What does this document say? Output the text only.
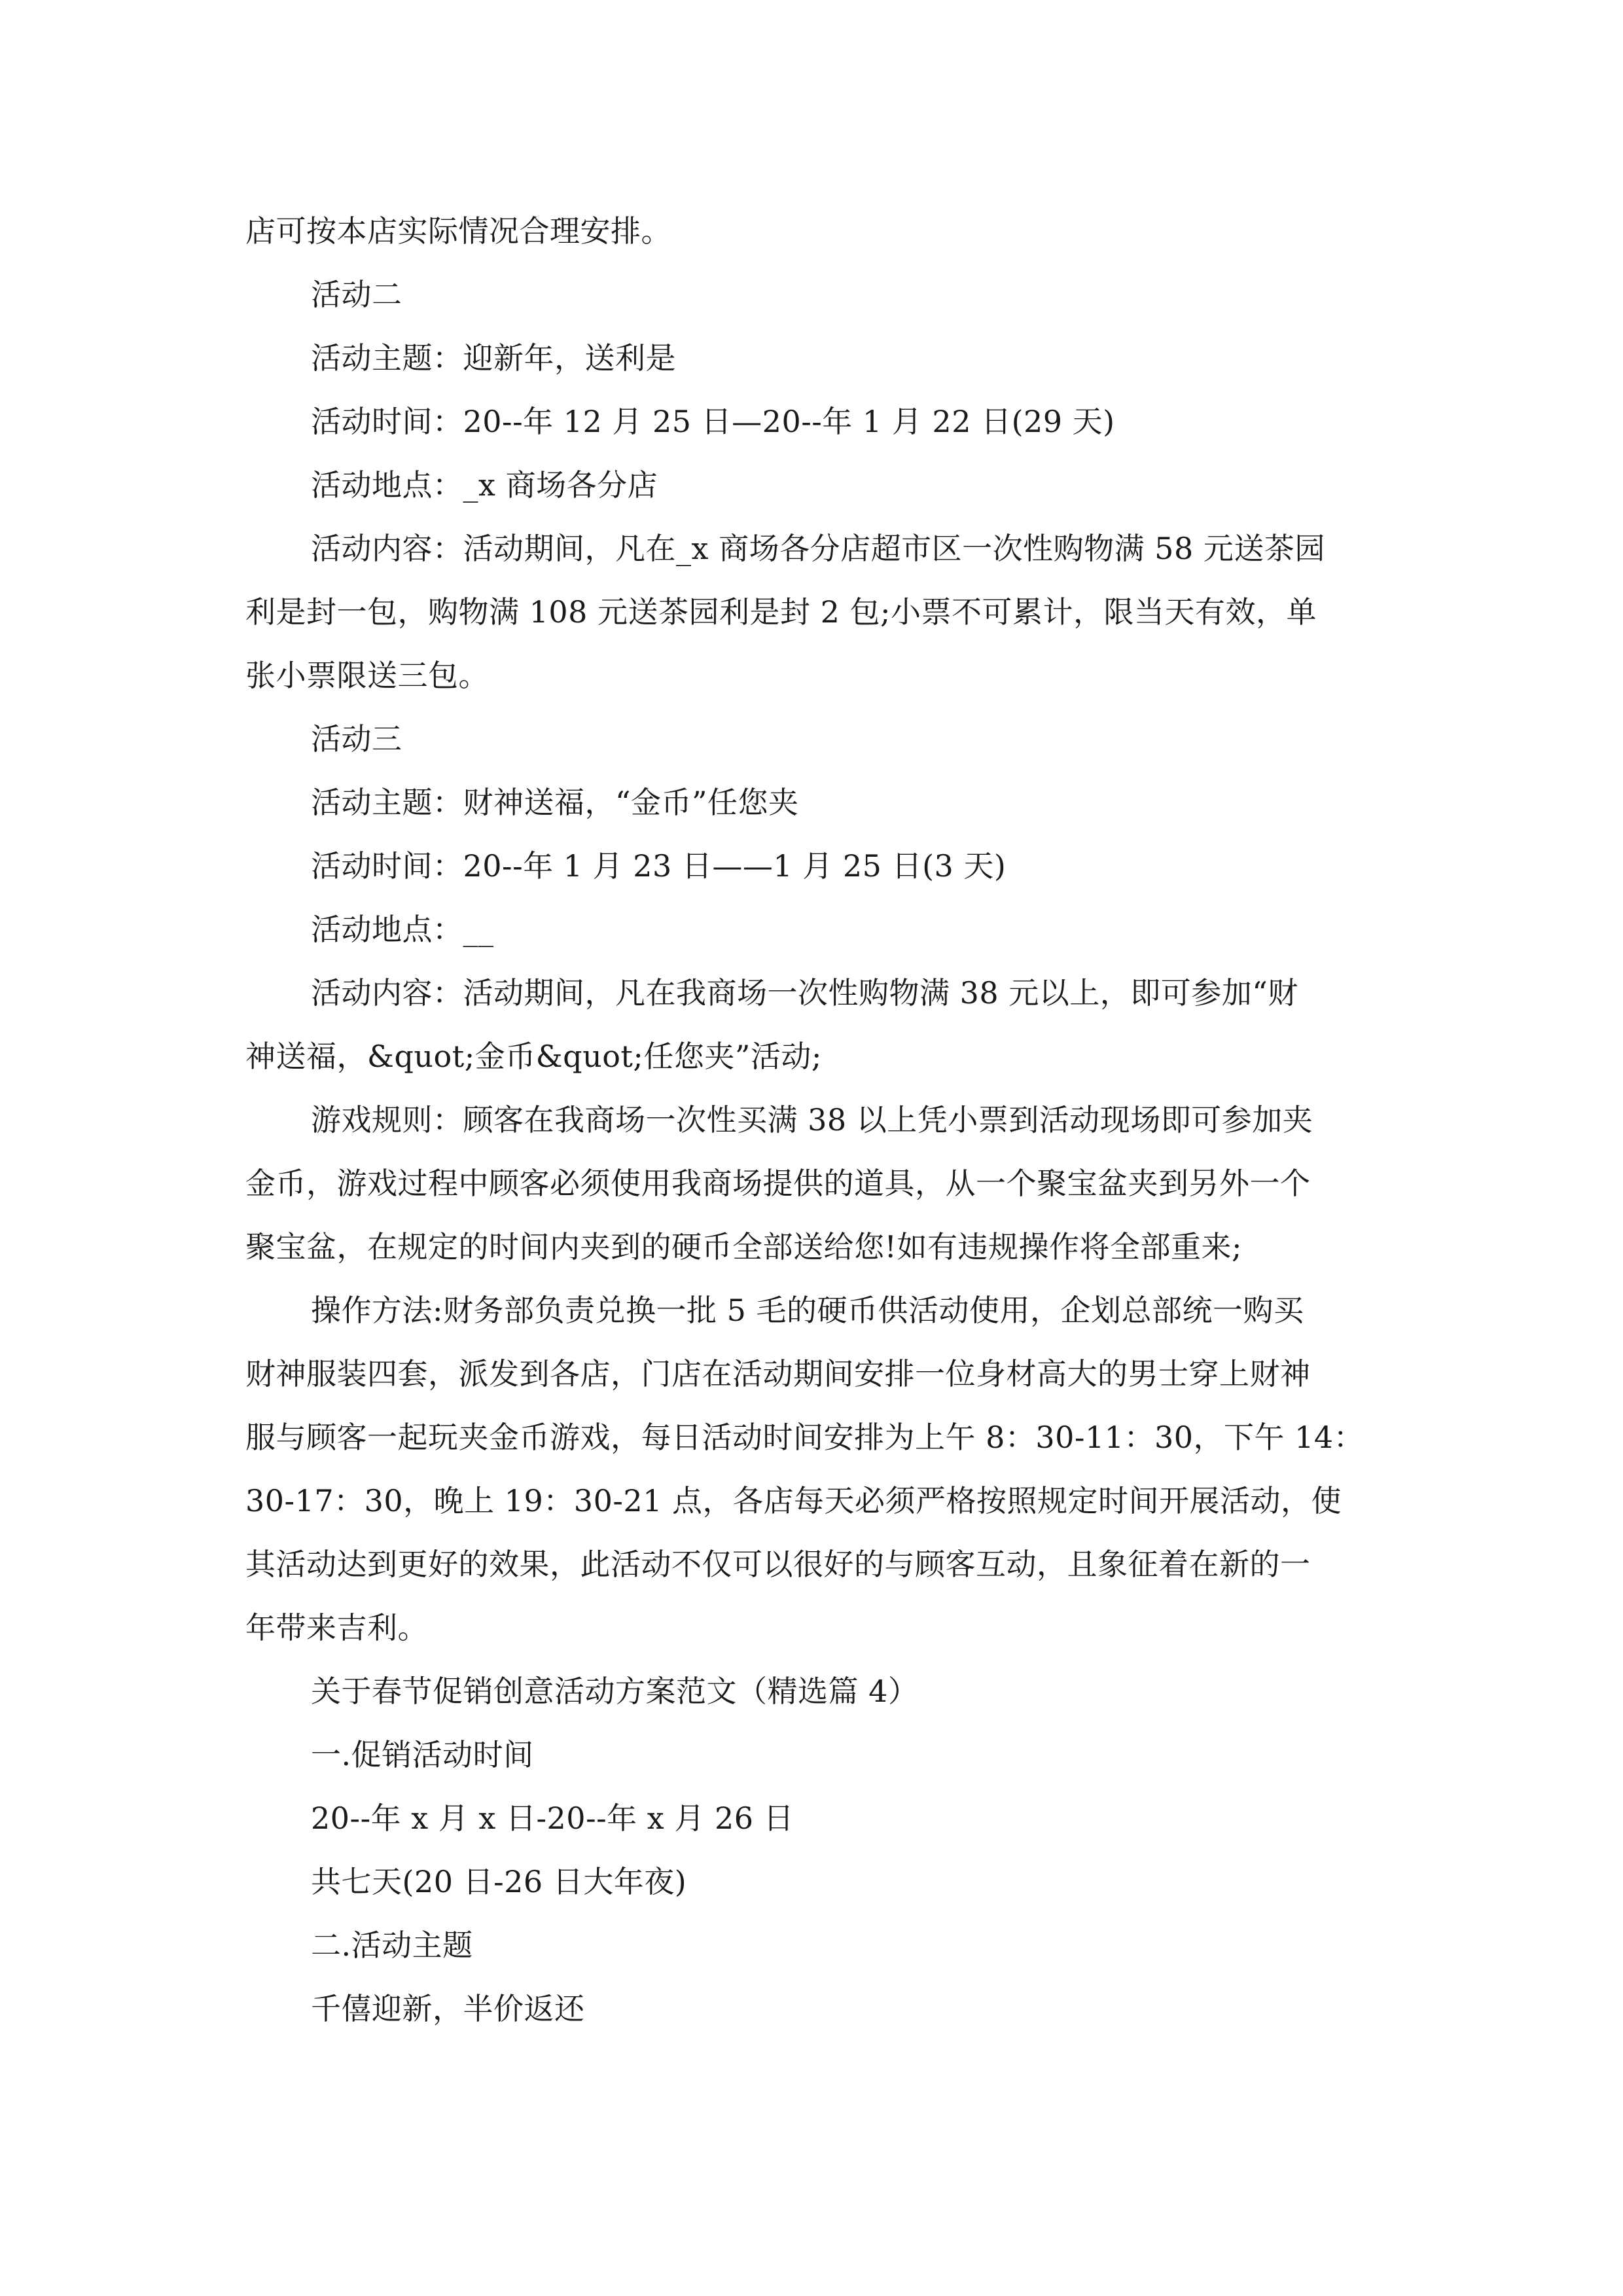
店可按本店实际情况合理安排。
活动二
活动主题：迎新年，送利是
活动时间：20--年 12 月 25 日—20--年 1 月 22 日(29 天)
活动地点：_x 商场各分店
活动内容：活动期间，凡在_x 商场各分店超市区一次性购物满 58 元送茶园
利是封一包，购物满 108 元送茶园利是封 2 包;小票不可累计，限当天有效，单
张小票限送三包。
活动三
活动主题：财神送福，“金币”任您夹
活动时间：20--年 1 月 23 日——1 月 25 日(3 天)
活动地点：__
活动内容：活动期间，凡在我商场一次性购物满 38 元以上，即可参加“财
神送福，&quot;金币&quot;任您夹”活动;
游戏规则：顾客在我商场一次性买满 38 以上凭小票到活动现场即可参加夹
金币，游戏过程中顾客必须使用我商场提供的道具，从一个聚宝盆夹到另外一个
聚宝盆，在规定的时间内夹到的硬币全部送给您!如有违规操作将全部重来;
操作方法:财务部负责兑换一批 5 毛的硬币供活动使用，企划总部统一购买
财神服装四套，派发到各店，门店在活动期间安排一位身材高大的男士穿上财神
服与顾客一起玩夹金币游戏，每日活动时间安排为上午 8：30-11：30，下午 14：
30-17：30，晚上 19：30-21 点，各店每天必须严格按照规定时间开展活动，使
其活动达到更好的效果，此活动不仅可以很好的与顾客互动，且象征着在新的一
年带来吉利。
关于春节促销创意活动方案范文（精选篇 4）
一.促销活动时间
20--年 x 月 x 日-20--年 x 月 26 日
共七天(20 日-26 日大年夜)
二.活动主题
千僖迎新，半价返还
